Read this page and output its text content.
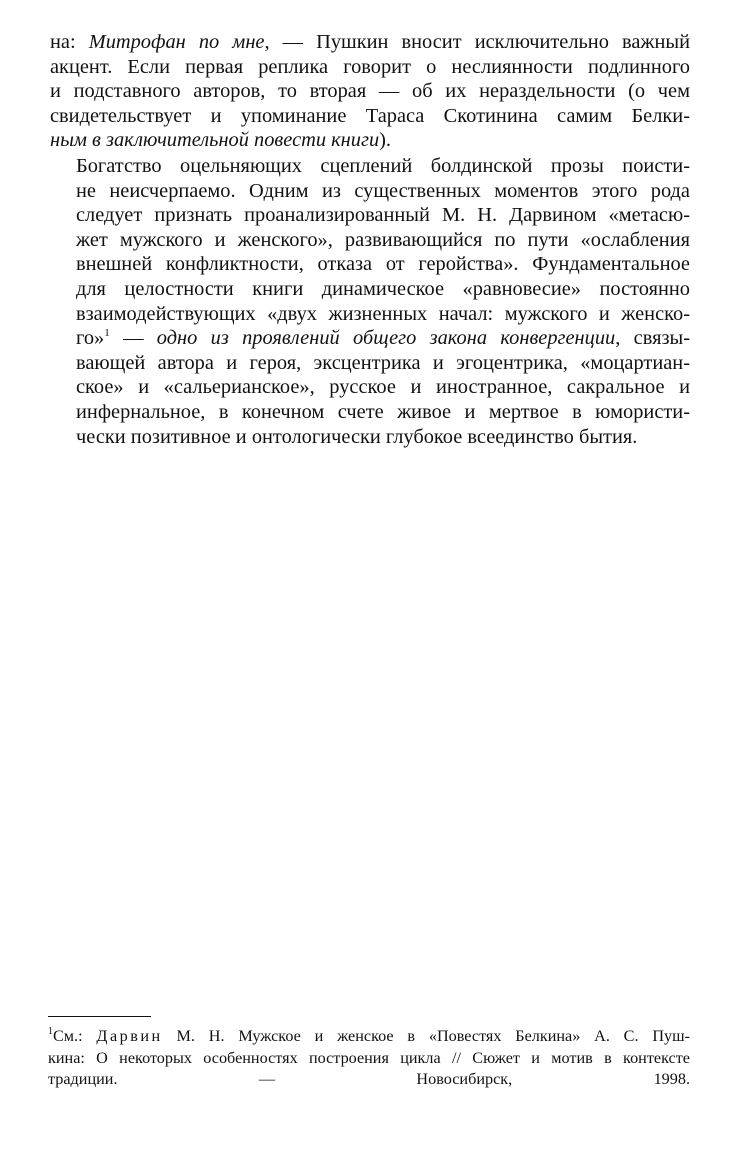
на: Митрофан по мне, — Пушкин вносит исключительно важный
акцент. Если первая реплика говорит о неслиянности подлинного
и подставного авторов, то вторая — об их нераздельности (о чем
свидетельствует и упоминание Тараса Скотинина самим Белки-
ным в заключительной повести книги).

Богатство оцельняющих сцеплений болдинской прозы поисти-
не неисчерпаемо. Одним из существенных моментов этого рода
следует признать проанализированный М. Н. Дарвином «метасю-
жет мужского и женского», развивающийся по пути «ослабления
внешней конфликтности, отказа от геройства». Фундаментальное
для целостности книги динамическое «равновесие» постоянно
взаимодействующих «двух жизненных начал: мужского и женско-
го»$^1$ — одно из проявлений общего закона конвергенции, связы-
вающей автора и героя, эксцентрика и эгоцентрика, «моцартиан-
ское» и «сальерианское», русское и иностранное, сакральное и
инфернальное, в конечном счете живое и мертвое в юмористи-
чески позитивное и онтологически глубокое всеединство бытия.

$^1$См.: Дарвин М. Н. Мужское и женское в «Повестях Белкина» А. С. Пуш-
кина: О некоторых особенностях построения цикла // Сюжет и мотив в контексте
традиции. — Новосибирск, 1998.
